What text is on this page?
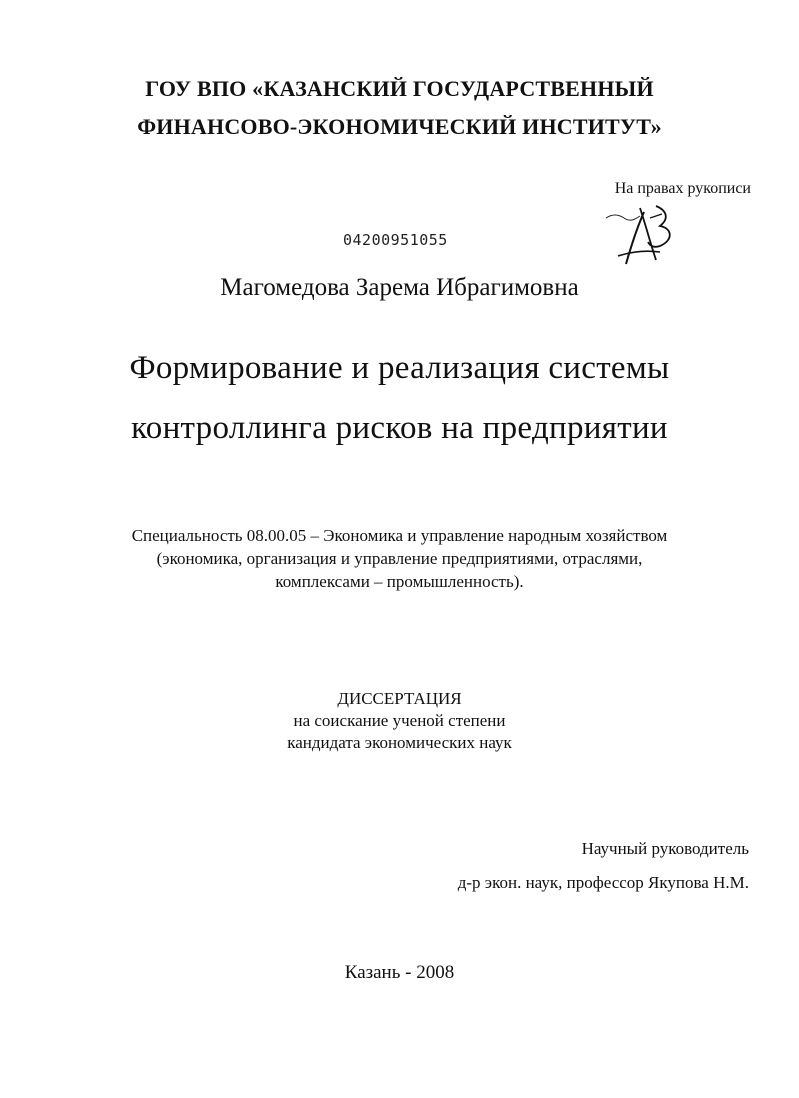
ГОУ ВПО «КАЗАНСКИЙ ГОСУДАРСТВЕННЫЙ
ФИНАНСОВО-ЭКОНОМИЧЕСКИЙ ИНСТИТУТ»
На правах рукописи
04200951055
Магомедова Зарема Ибрагимовна
Формирование и реализация системы
контроллинга рисков на предприятии
Специальность 08.00.05 – Экономика и управление народным хозяйством
(экономика, организация и управление предприятиями, отраслями,
комплексами – промышленность).
ДИССЕРТАЦИЯ
на соискание ученой степени
кандидата экономических наук
Научный руководитель
д-р экон. наук, профессор Якупова Н.М.
Казань - 2008
